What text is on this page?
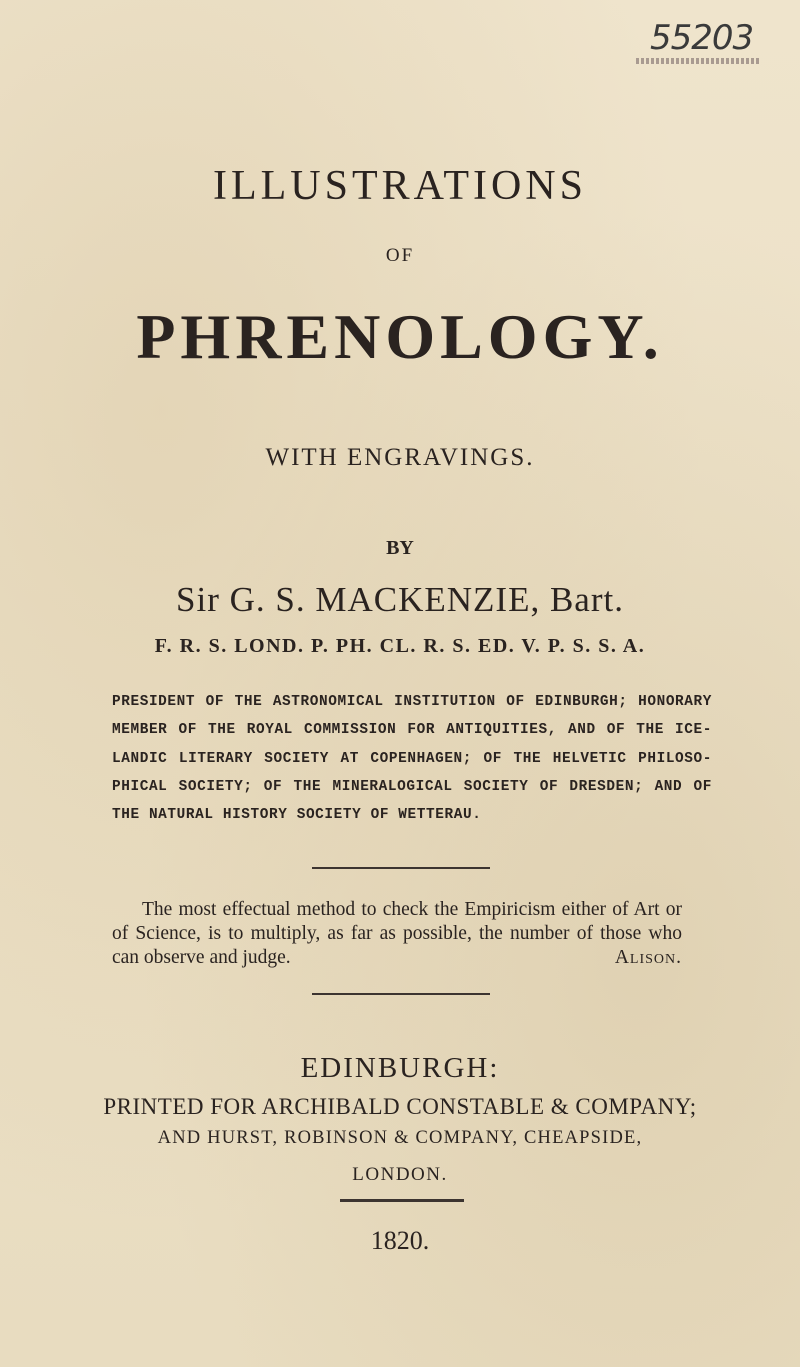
55203
ILLUSTRATIONS
OF
PHRENOLOGY.
WITH ENGRAVINGS.
BY
Sir G. S. MACKENZIE, Bart.
F. R. S. LOND. P. PH. CL. R. S. ED. V. P. S. S. A.
PRESIDENT OF THE ASTRONOMICAL INSTITUTION OF EDINBURGH; HONORARY MEMBER OF THE ROYAL COMMISSION FOR ANTIQUITIES, AND OF THE ICE-LANDIC LITERARY SOCIETY AT COPENHAGEN; OF THE HELVETIC PHILOSO-PHICAL SOCIETY; OF THE MINERALOGICAL SOCIETY OF DRESDEN; AND OF THE NATURAL HISTORY SOCIETY OF WETTERAU.
The most effectual method to check the Empiricism either of Art or of Science, is to multiply, as far as possible, the number of those who can observe and judge.	Alison.
EDINBURGH:
PRINTED FOR ARCHIBALD CONSTABLE & COMPANY;
AND HURST, ROBINSON & COMPANY, CHEAPSIDE,
LONDON.
1820.
